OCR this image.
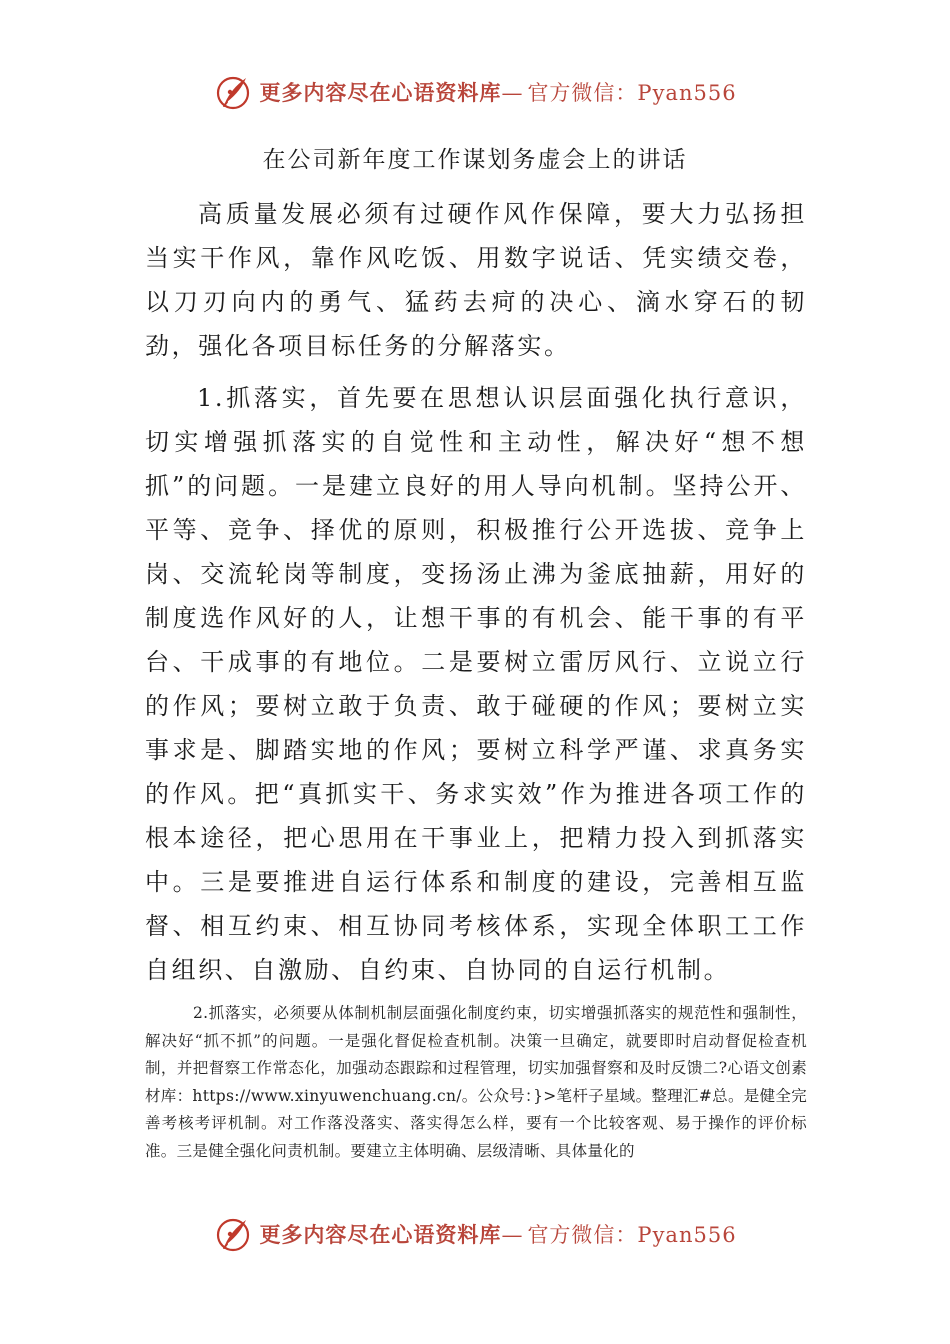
更多内容尽在心语资料库— 官方微信：Pyan556
在公司新年度工作谋划务虚会上的讲话

高质量发展必须有过硬作风作保障，要大力弘扬担当实干作风，靠作风吃饭、用数字说话、凭实绩交卷，以刀刃向内的勇气、猛药去疴的决心、滴水穿石的韧劲，强化各项目标任务的分解落实。

1.抓落实，首先要在思想认识层面强化执行意识，切实增强抓落实的自觉性和主动性，解决好“想不想抓”的问题。一是建立良好的用人导向机制。坚持公开、平等、竞争、择优的原则，积极推行公开选拔、竞争上岗、交流轮岗等制度，变扬汤止沸为釜底抽薪，用好的制度选作风好的人，让想干事的有机会、能干事的有平台、干成事的有地位。二是要树立雷厉风行、立说立行的作风；要树立敢于负责、敢于碰硬的作风；要树立实事求是、脚踏实地的作风；要树立科学严谨、求真务实的作风。把“真抓实干、务求实效”作为推进各项工作的根本途径，把心思用在干事业上，把精力投入到抓落实中。三是要推进自运行体系和制度的建设，完善相互监督、相互约束、相互协同考核体系，实现全体职工工作自组织、自激励、自约束、自协同的自运行机制。

2.抓落实，必须要从体制机制层面强化制度约束，切实增强抓落实的规范性和强制性，解决好“抓不抓”的问题。一是强化督促检查机制。决策一旦确定，就要即时启动督促检查机制，并把督察工作常态化，加强动态跟踪和过程管理，切实加强督察和及时反馈二?心语文创素材库：https://www.xinyuwenchuang.cn/。公众号：}>笔杆子星域。整理汇#总。是健全完善考核考评机制。对工作落没落实、落实得怎么样，要有一个比较客观、易于操作的评价标准。三是健全强化问责机制。要建立主体明确、层级清晰、具体量化的

更多内容尽在心语资料库— 官方微信：Pyan556
